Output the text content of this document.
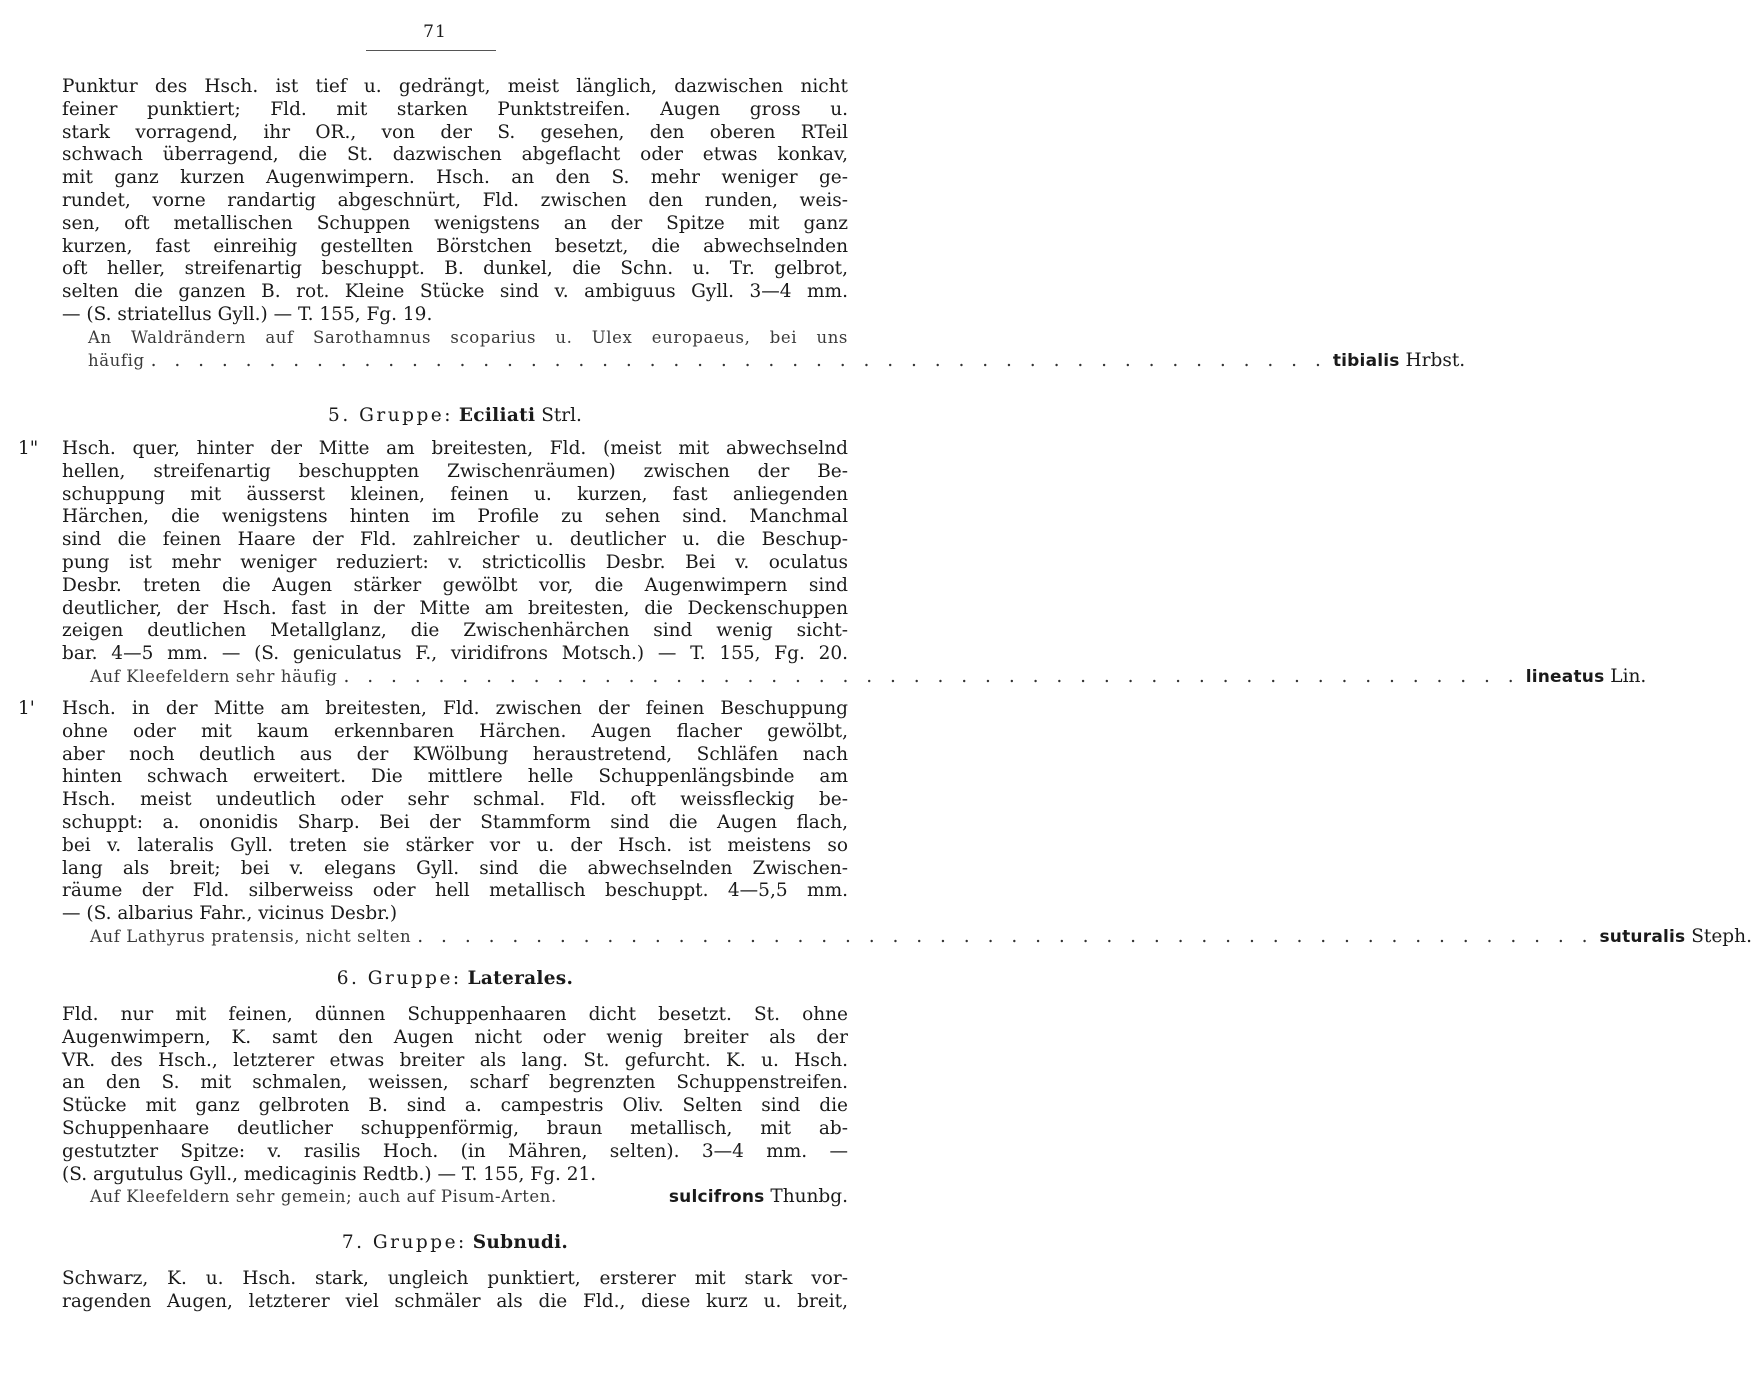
71
Punktur des Hsch. ist tief u. gedrängt, meist länglich, dazwischen nicht
feiner punktiert; Fld. mit starken Punktstreifen. Augen gross u.
stark vorragend, ihr OR., von der S. gesehen, den oberen RTeil
schwach überragend, die St. dazwischen abgeflacht oder etwas konkav,
mit ganz kurzen Augenwimpern. Hsch. an den S. mehr weniger ge-
rundet, vorne randartig abgeschnürt, Fld. zwischen den runden, weis-
sen, oft metallischen Schuppen wenigstens an der Spitze mit ganz
kurzen, fast einreihig gestellten Börstchen besetzt, die abwechselnden
oft heller, streifenartig beschuppt. B. dunkel, die Schn. u. Tr. gelbrot,
selten die ganzen B. rot. Kleine Stücke sind v. ambiguus Gyll. 3—4 mm.
— (S. striatellus Gyll.) — T. 155, Fg. 19.
An Waldrändern auf Sarothamnus scoparius u. Ulex europaeus, bei uns
häufig . . . . . . . . . . . . . . . . . . . . . . . . . . . . . . . . . . . . . . . . . . . . . . . . . . tibialis Hrbst.
5. Gruppe: Eciliati Strl.
1" Hsch. quer, hinter der Mitte am breitesten, Fld. (meist mit abwechselnd
hellen, streifenartig beschuppten Zwischenräumen) zwischen der Be-
schuppung mit äusserst kleinen, feinen u. kurzen, fast anliegenden
Härchen, die wenigstens hinten im Profile zu sehen sind. Manchmal
sind die feinen Haare der Fld. zahlreicher u. deutlicher u. die Beschup-
pung ist mehr weniger reduziert: v. stricticollis Desbr. Bei v. oculatus
Desbr. treten die Augen stärker gewölbt vor, die Augenwimpern sind
deutlicher, der Hsch. fast in der Mitte am breitesten, die Deckenschuppen
zeigen deutlichen Metallglanz, die Zwischenhärchen sind wenig sicht-
bar. 4—5 mm. — (S. geniculatus F., viridifrons Motsch.) — T. 155, Fg. 20.
Auf Kleefeldern sehr häufig . . . . . . . . . . . . . . . . . . . . . . . . . . . . . . . . . . . . . . . . . . . . . . . . . . lineatus Lin.
1' Hsch. in der Mitte am breitesten, Fld. zwischen der feinen Beschuppung
ohne oder mit kaum erkennbaren Härchen. Augen flacher gewölbt,
aber noch deutlich aus der KWölbung heraustretend, Schläfen nach
hinten schwach erweitert. Die mittlere helle Schuppenlängsbinde am
Hsch. meist undeutlich oder sehr schmal. Fld. oft weissfleckig be-
schuppt: a. ononidis Sharp. Bei der Stammform sind die Augen flach,
bei v. lateralis Gyll. treten sie stärker vor u. der Hsch. ist meistens so
lang als breit; bei v. elegans Gyll. sind die abwechselnden Zwischen-
räume der Fld. silberweiss oder hell metallisch beschuppt. 4—5,5 mm.
— (S. albarius Fahr., vicinus Desbr.)
Auf Lathyrus pratensis, nicht selten . . . . . . . . . . . . . . . . . . . . . . . . . . . . . . . . . . . . . . . . . . . . . . . . . . suturalis Steph.
6. Gruppe: Laterales.
Fld. nur mit feinen, dünnen Schuppenhaaren dicht besetzt. St. ohne
Augenwimpern, K. samt den Augen nicht oder wenig breiter als der
VR. des Hsch., letzterer etwas breiter als lang. St. gefurcht. K. u. Hsch.
an den S. mit schmalen, weissen, scharf begrenzten Schuppenstreifen.
Stücke mit ganz gelbroten B. sind a. campestris Oliv. Selten sind die
Schuppenhaare deutlicher schuppenförmig, braun metallisch, mit ab-
gestutzter Spitze: v. rasilis Hoch. (in Mähren, selten). 3—4 mm. —
(S. argutulus Gyll., medicaginis Redtb.) — T. 155, Fg. 21.
Auf Kleefeldern sehr gemein; auch auf Pisum-Arten.	sulcifrons Thunbg.
7. Gruppe: Subnudi.
Schwarz, K. u. Hsch. stark, ungleich punktiert, ersterer mit stark vor-
ragenden Augen, letzterer viel schmäler als die Fld., diese kurz u. breit,
